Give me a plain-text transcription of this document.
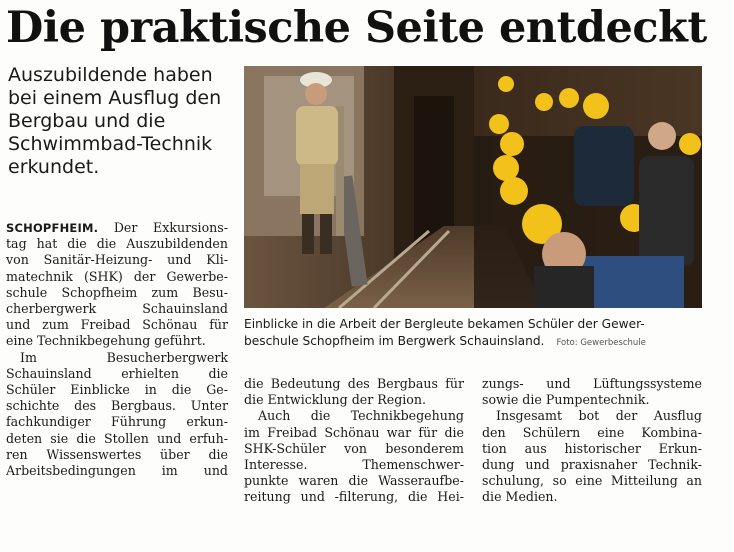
Die praktische Seite entdeckt
Auszubildende haben
bei einem Ausflug den
Bergbau und die
Schwimmbad-Technik
erkundet.
Einblicke in die Arbeit der Bergleute bekamen Schüler der Gewer-
beschule Schopfheim im Bergwerk Schauinsland. Foto: Gewerbeschule
SCHOPFHEIM. Der Exkursions-
tag hat die die Auszubildenden
von Sanitär-Heizung- und Kli-
matechnik (SHK) der Gewerbe-
schule Schopfheim zum Besu-
cherbergwerk Schauinsland
und zum Freibad Schönau für
eine Technikbegehung geführt.
Im Besucherbergwerk
Schauinsland erhielten die
Schüler Einblicke in die Ge-
schichte des Bergbaus. Unter
fachkundiger Führung erkun-
deten sie die Stollen und erfuh-
ren Wissenswertes über die
Arbeitsbedingungen im und
die Bedeutung des Bergbaus für
die Entwicklung der Region.
Auch die Technikbegehung
im Freibad Schönau war für die
SHK-Schüler von besonderem
Interesse. Themenschwer-
punkte waren die Wasseraufbe-
reitung und -filterung, die Hei-
zungs- und Lüftungssysteme
sowie die Pumpentechnik.
Insgesamt bot der Ausflug
den Schülern eine Kombina-
tion aus historischer Erkun-
dung und praxisnaher Technik-
schulung, so eine Mitteilung an
die Medien.
